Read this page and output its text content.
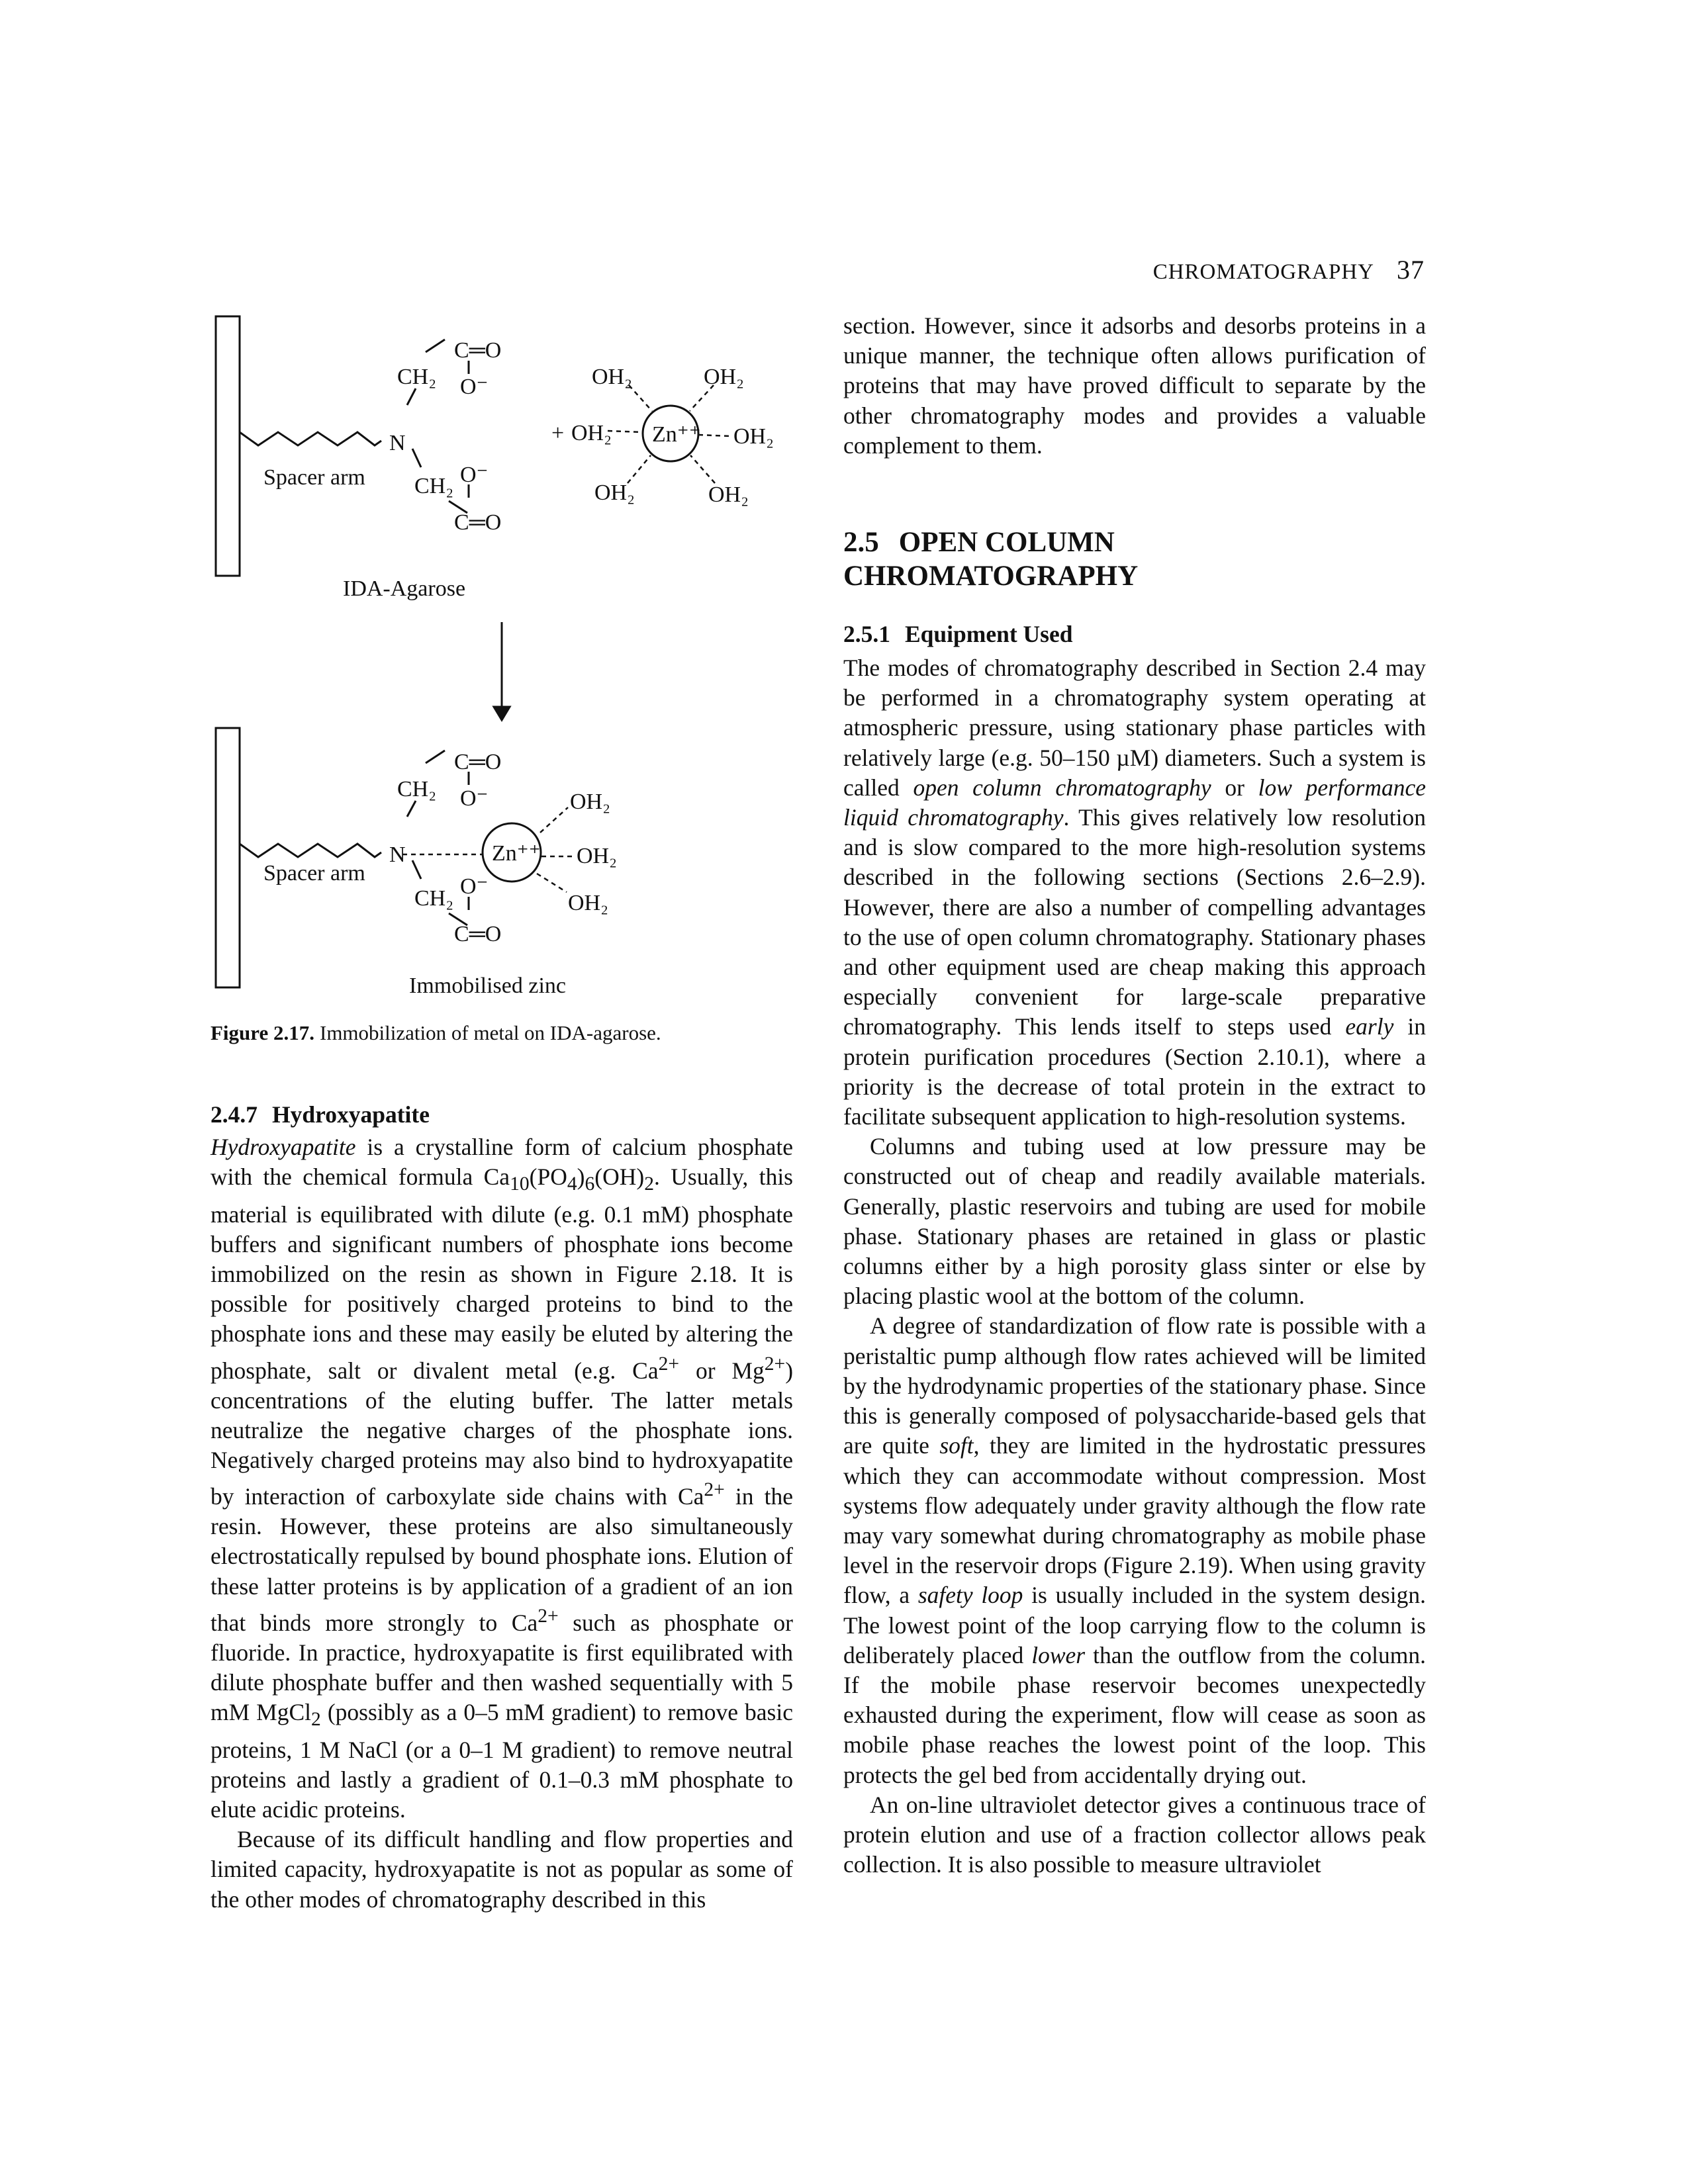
CHROMATOGRAPHY 37
C═O
CH₂ O⁻
N
Spacer arm CH₂ O⁻
C═O
IDA-Agarose
+
OH₂	OH₂
OH₂ Zn⁺⁺ OH₂
OH₂	OH₂
C═O
CH₂ O⁻
N
Spacer arm
CH₂ O⁻
C═O
Zn⁺⁺
OH₂
OH₂
OH₂
Immobilised zinc
Figure 2.17. Immobilization of metal on IDA-agarose.
2.4.7 Hydroxyapatite

Hydroxyapatite is a crystalline form of calcium phosphate with the chemical formula $Ca_{10}(PO_4)_6(OH)_2$. Usually, this material is equilibrated with dilute (e.g. 0.1 mM) phosphate buffers and significant numbers of phosphate ions become immobilized on the resin as shown in Figure 2.18. It is possible for positively charged proteins to bind to the phosphate ions and these may easily be eluted by altering the phosphate, salt or divalent metal (e.g. $Ca^{2+}$ or $Mg^{2+}$) concentrations of the eluting buffer. The latter metals neutralize the negative charges of the phosphate ions. Negatively charged proteins may also bind to hydroxyapatite by interaction of carboxylate side chains with $Ca^{2+}$ in the resin. However, these proteins are also simultaneously electrostatically repulsed by bound phosphate ions. Elution of these latter proteins is by application of a gradient of an ion that binds more strongly to $Ca^{2+}$ such as phosphate or fluoride. In practice, hydroxyapatite is first equilibrated with dilute phosphate buffer and then washed sequentially with 5 mM MgCl$_2$ (possibly as a 0–5 mM gradient) to remove basic proteins, 1 M NaCl (or a 0–1 M gradient) to remove neutral proteins and lastly a gradient of 0.1–0.3 mM phosphate to elute acidic proteins.

Because of its difficult handling and flow properties and limited capacity, hydroxyapatite is not as popular as some of the other modes of chromatography described in this

section. However, since it adsorbs and desorbs proteins in a unique manner, the technique often allows purification of proteins that may have proved difficult to separate by the other chromatography modes and provides a valuable complement to them.

2.5 OPEN COLUMN
CHROMATOGRAPHY
2.5.1 Equipment Used

The modes of chromatography described in Section 2.4 may be performed in a chromatography system operating at atmospheric pressure, using stationary phase particles with relatively large (e.g. 50–150 µM) diameters. Such a system is called open column chromatography or low performance liquid chromatography. This gives relatively low resolution and is slow compared to the more high-resolution systems described in the following sections (Sections 2.6–2.9). However, there are also a number of compelling advantages to the use of open column chromatography. Stationary phases and other equipment used are cheap making this approach especially convenient for large-scale preparative chromatography. This lends itself to steps used early in protein purification procedures (Section 2.10.1), where a priority is the decrease of total protein in the extract to facilitate subsequent application to high-resolution systems.

Columns and tubing used at low pressure may be constructed out of cheap and readily available materials. Generally, plastic reservoirs and tubing are used for mobile phase. Stationary phases are retained in glass or plastic columns either by a high porosity glass sinter or else by placing plastic wool at the bottom of the column.

A degree of standardization of flow rate is possible with a peristaltic pump although flow rates achieved will be limited by the hydrodynamic properties of the stationary phase. Since this is generally composed of polysaccharide-based gels that are quite soft, they are limited in the hydrostatic pressures which they can accommodate without compression. Most systems flow adequately under gravity although the flow rate may vary somewhat during chromatography as mobile phase level in the reservoir drops (Figure 2.19). When using gravity flow, a safety loop is usually included in the system design. The lowest point of the loop carrying flow to the column is deliberately placed lower than the outflow from the column. If the mobile phase reservoir becomes unexpectedly exhausted during the experiment, flow will cease as soon as mobile phase reaches the lowest point of the loop. This protects the gel bed from accidentally drying out.

An on-line ultraviolet detector gives a continuous trace of protein elution and use of a fraction collector allows peak collection. It is also possible to measure ultraviolet
